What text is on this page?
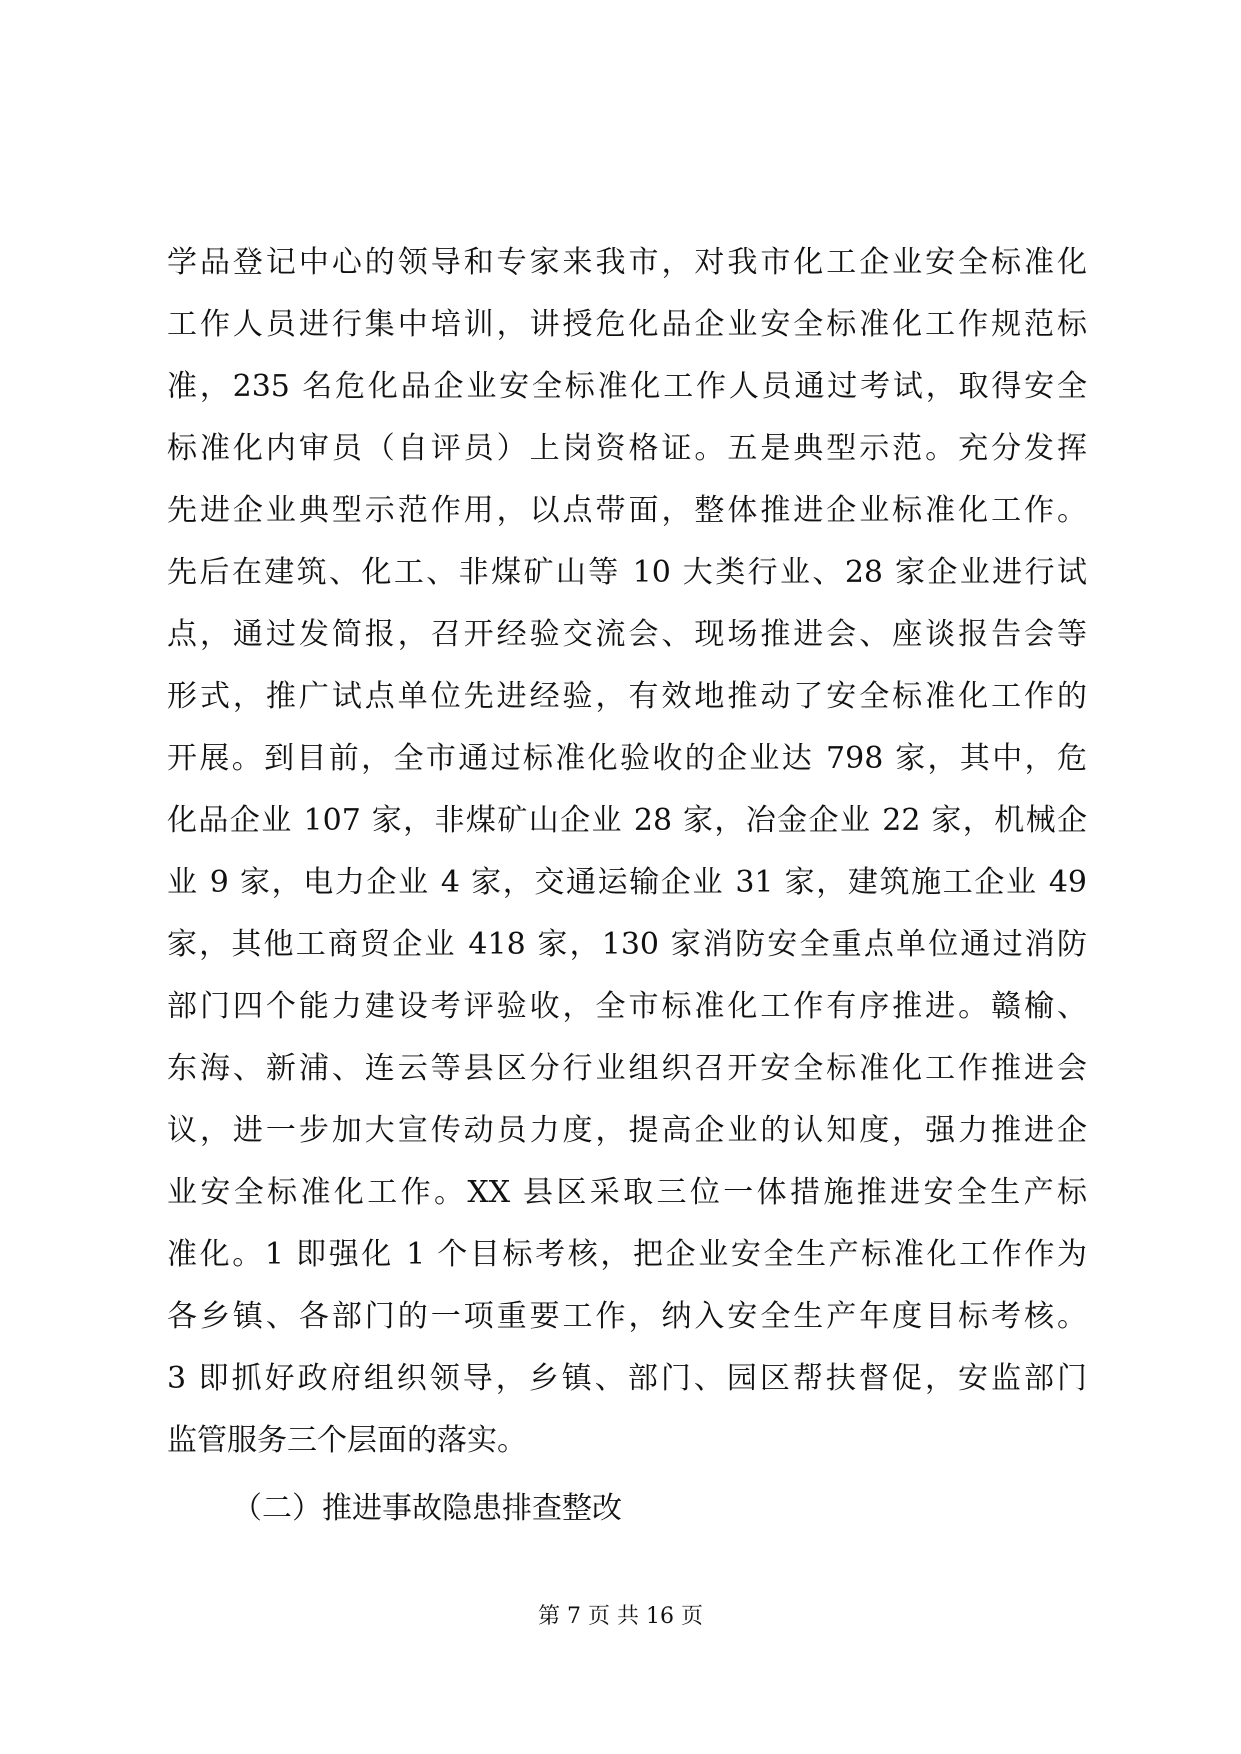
学品登记中心的领导和专家来我市，对我市化工企业安全标准化
工作人员进行集中培训，讲授危化品企业安全标准化工作规范标
准，235 名危化品企业安全标准化工作人员通过考试，取得安全
标准化内审员（自评员）上岗资格证。五是典型示范。充分发挥
先进企业典型示范作用，以点带面，整体推进企业标准化工作。
先后在建筑、化工、非煤矿山等 10 大类行业、28 家企业进行试
点，通过发简报，召开经验交流会、现场推进会、座谈报告会等
形式，推广试点单位先进经验，有效地推动了安全标准化工作的
开展。到目前，全市通过标准化验收的企业达 798 家，其中，危
化品企业 107 家，非煤矿山企业 28 家，冶金企业 22 家，机械企
业 9 家，电力企业 4 家，交通运输企业 31 家，建筑施工企业 49
家，其他工商贸企业 418 家，130 家消防安全重点单位通过消防
部门四个能力建设考评验收，全市标准化工作有序推进。赣榆、
东海、新浦、连云等县区分行业组织召开安全标准化工作推进会
议，进一步加大宣传动员力度，提高企业的认知度，强力推进企
业安全标准化工作。XX 县区采取三位一体措施推进安全生产标
准化。1 即强化 1 个目标考核，把企业安全生产标准化工作作为
各乡镇、各部门的一项重要工作，纳入安全生产年度目标考核。
3 即抓好政府组织领导，乡镇、部门、园区帮扶督促，安监部门
监管服务三个层面的落实。
（二）推进事故隐患排查整改
第 7 页 共 16 页
